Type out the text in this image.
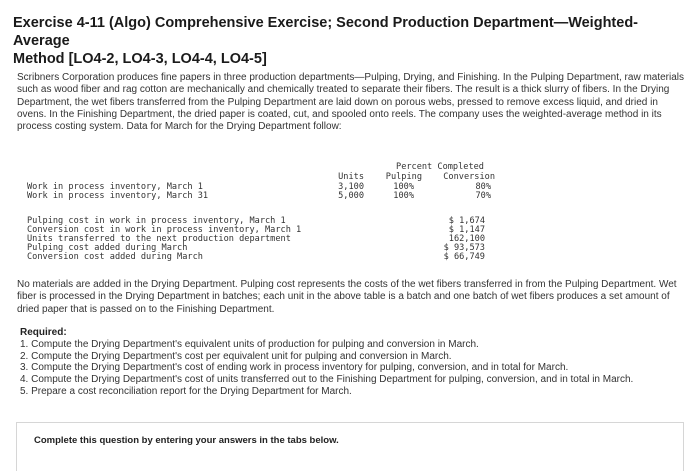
Exercise 4-11 (Algo) Comprehensive Exercise; Second Production Department—Weighted-Average
Method [LO4-2, LO4-3, LO4-4, LO4-5]

Scribners Corporation produces fine papers in three production departments—Pulping, Drying, and Finishing. In the Pulping Department, raw materials such as wood fiber and rag cotton are mechanically and chemically treated to separate their fibers. The result is a thick slurry of fibers. In the Drying Department, the wet fibers transferred from the Pulping Department are laid down on porous webs, pressed to remove excess liquid, and dried in ovens. In the Finishing Department, the dried paper is coated, cut, and spooled onto reels. The company uses the weighted-average method in its process costing system. Data for March for the Drying Department follow:

Percent Completed
Units	Pulping	Conversion
Work in process inventory, March 1	3,100	100%	80%
Work in process inventory, March 31	5,000	100%	70%
Pulping cost in work in process inventory, March 1	$ 1,674
Conversion cost in work in process inventory, March 1	$ 1,147
Units transferred to the next production department	162,100
Pulping cost added during March	$ 93,573
Conversion cost added during March	$ 66,749

No materials are added in the Drying Department. Pulping cost represents the costs of the wet fibers transferred in from the Pulping Department. Wet fiber is processed in the Drying Department in batches; each unit in the above table is a batch and one batch of wet fibers produces a set amount of dried paper that is passed on to the Finishing Department.

Required:

1. Compute the Drying Department's equivalent units of production for pulping and conversion in March.
2. Compute the Drying Department's cost per equivalent unit for pulping and conversion in March.
3. Compute the Drying Department's cost of ending work in process inventory for pulping, conversion, and in total for March.
4. Compute the Drying Department's cost of units transferred out to the Finishing Department for pulping, conversion, and in total in March.
5. Prepare a cost reconciliation report for the Drying Department for March.
Complete this question by entering your answers in the tabs below.
